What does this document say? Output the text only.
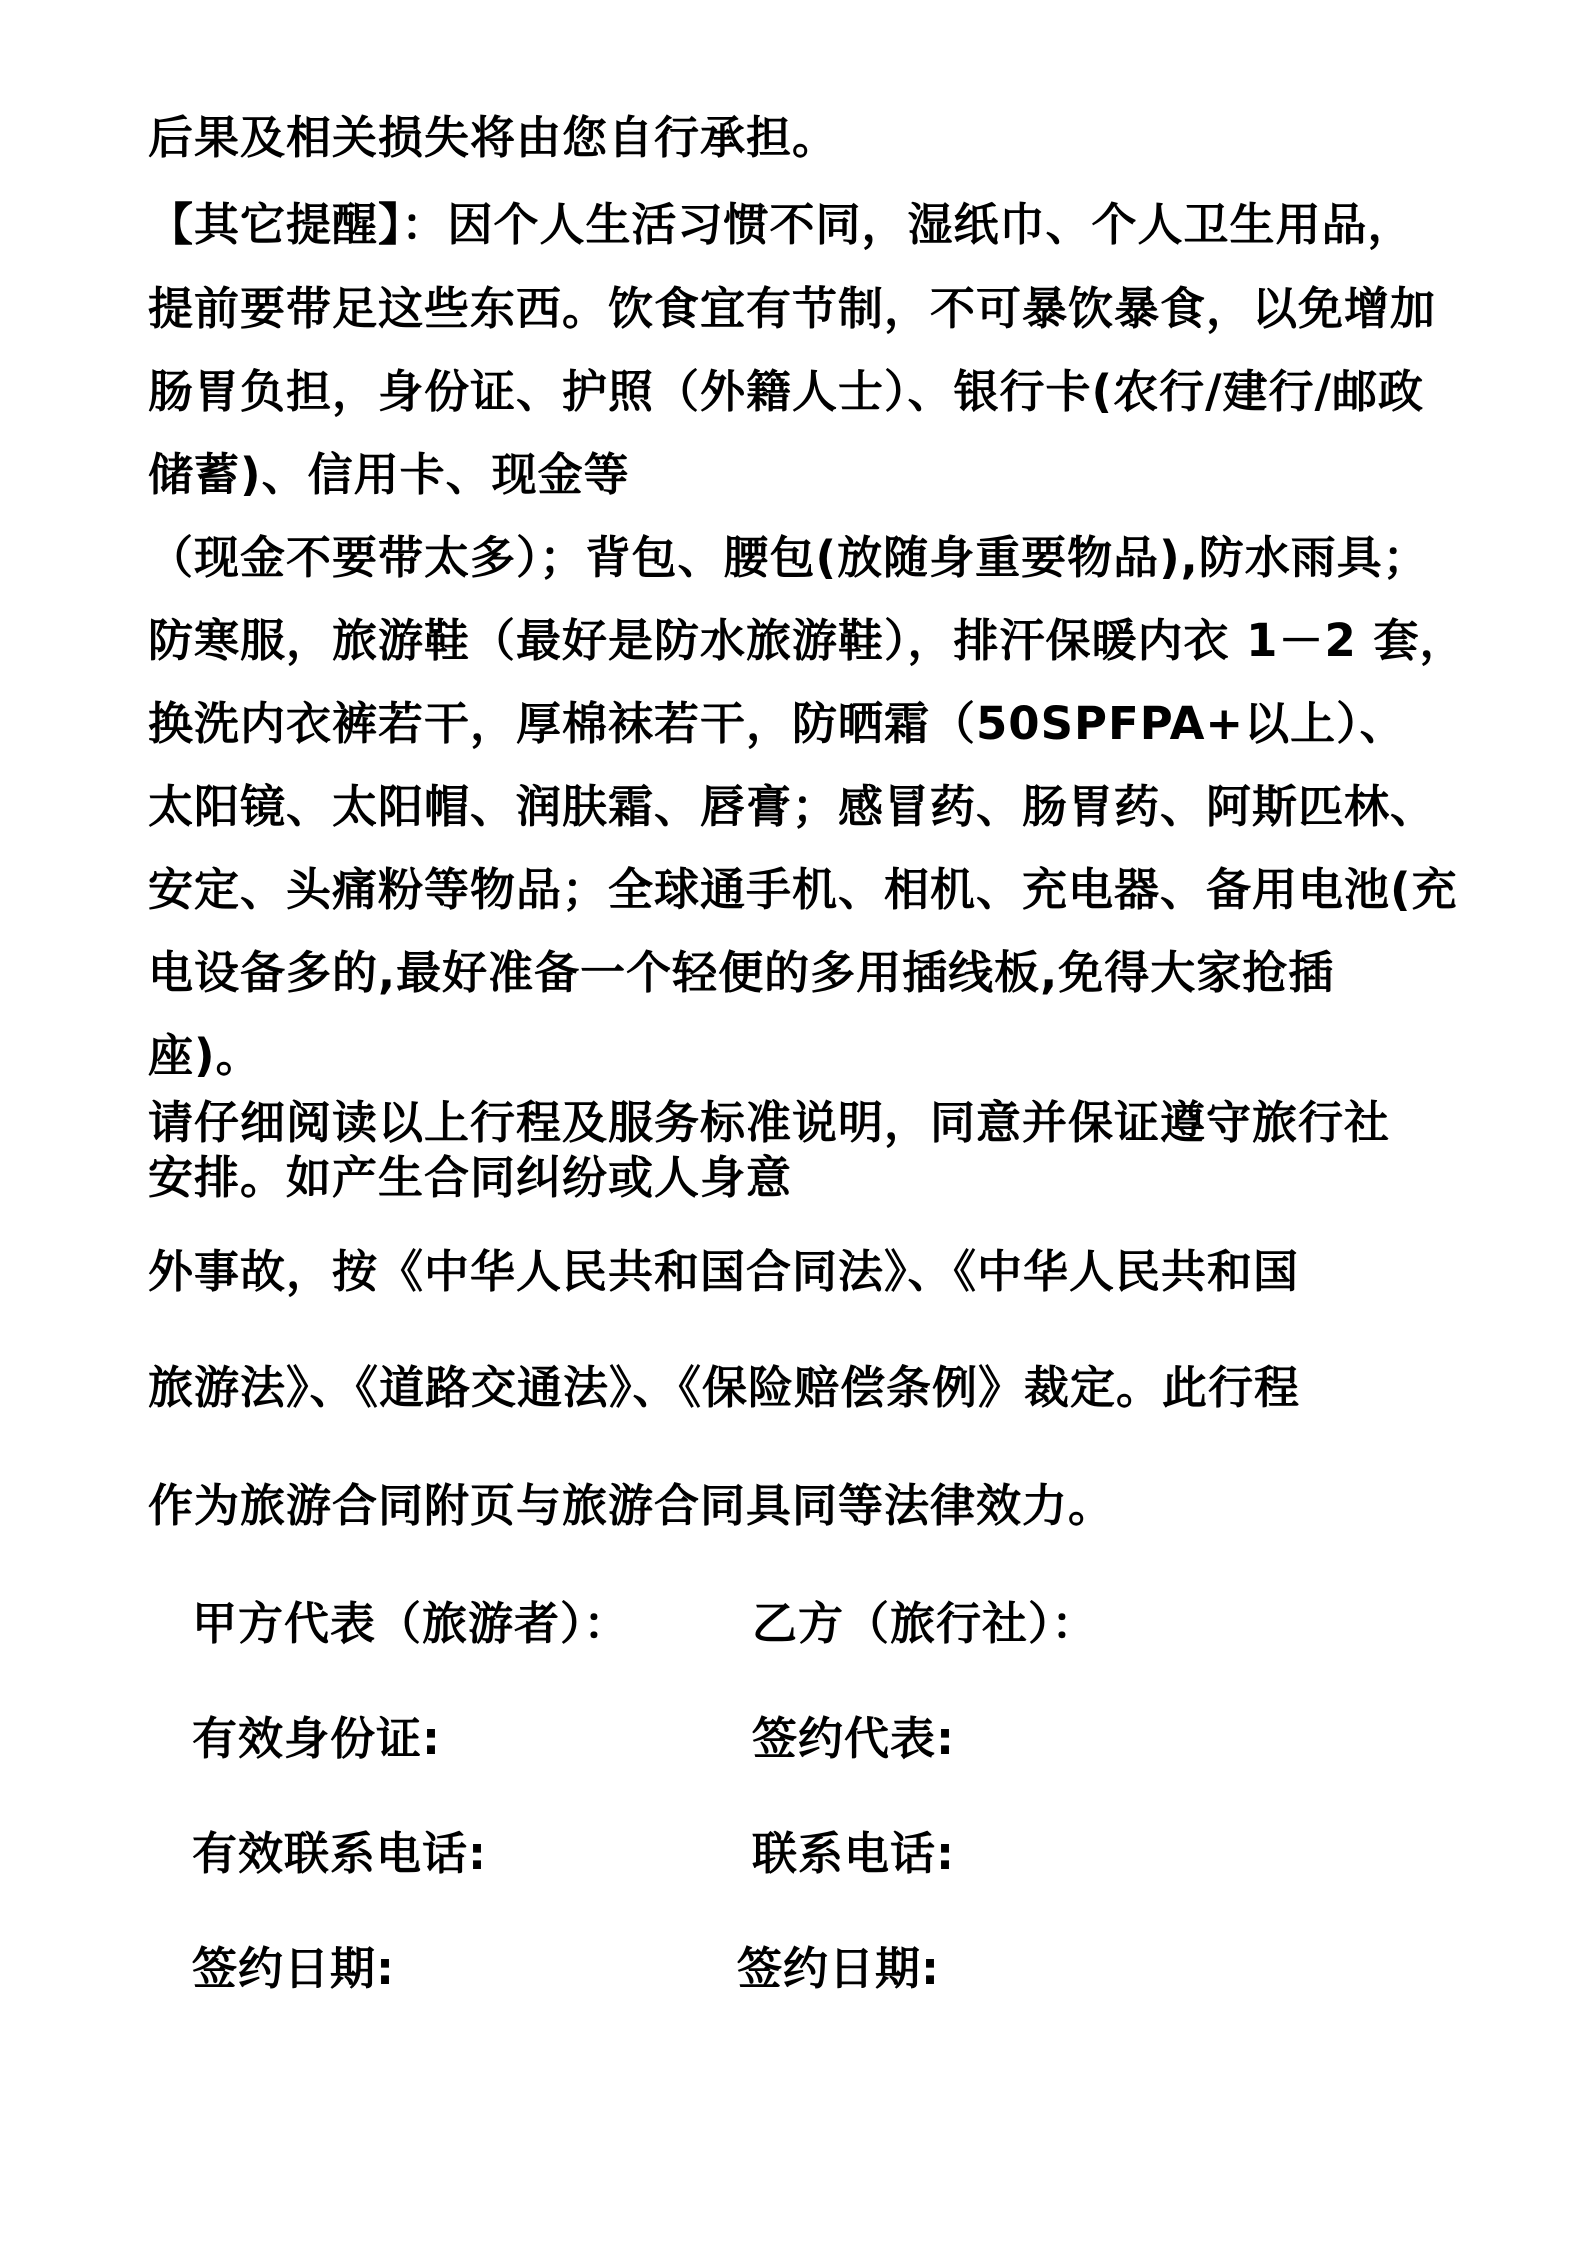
后果及相关损失将由您自行承担。

【其它提醒】：因个人生活习惯不同，湿纸巾、个人卫生用品，

提前要带足这些东西。饮食宜有节制，不可暴饮暴食，以免增加

肠胃负担，身份证、护照（外籍人士）、银行卡(农行/建行/邮政

储蓄)、信用卡、现金等

（现金不要带太多）；背包、腰包(放随身重要物品),防水雨具；

防寒服，旅游鞋（最好是防水旅游鞋），排汗保暖内衣 1－2 套，

换洗内衣裤若干，厚棉袜若干，防晒霜（50SPFPA+以上）、

太阳镜、太阳帽、润肤霜、唇膏；感冒药、肠胃药、阿斯匹林、

安定、头痛粉等物品；全球通手机、相机、充电器、备用电池(充

电设备多的,最好准备一个轻便的多用插线板,免得大家抢插

座)。

请仔细阅读以上行程及服务标准说明，同意并保证遵守旅行社

安排。如产生合同纠纷或人身意

外事故，按《中华人民共和国合同法》、《中华人民共和国

旅游法》、《道路交通法》、《保险赔偿条例》裁定。此行程

作为旅游合同附页与旅游合同具同等法律效力。

甲方代表（旅游者）：	乙方（旅行社）：

有效身份证:	签约代表:

有效联系电话:	联系电话:

签约日期:	签约日期:
